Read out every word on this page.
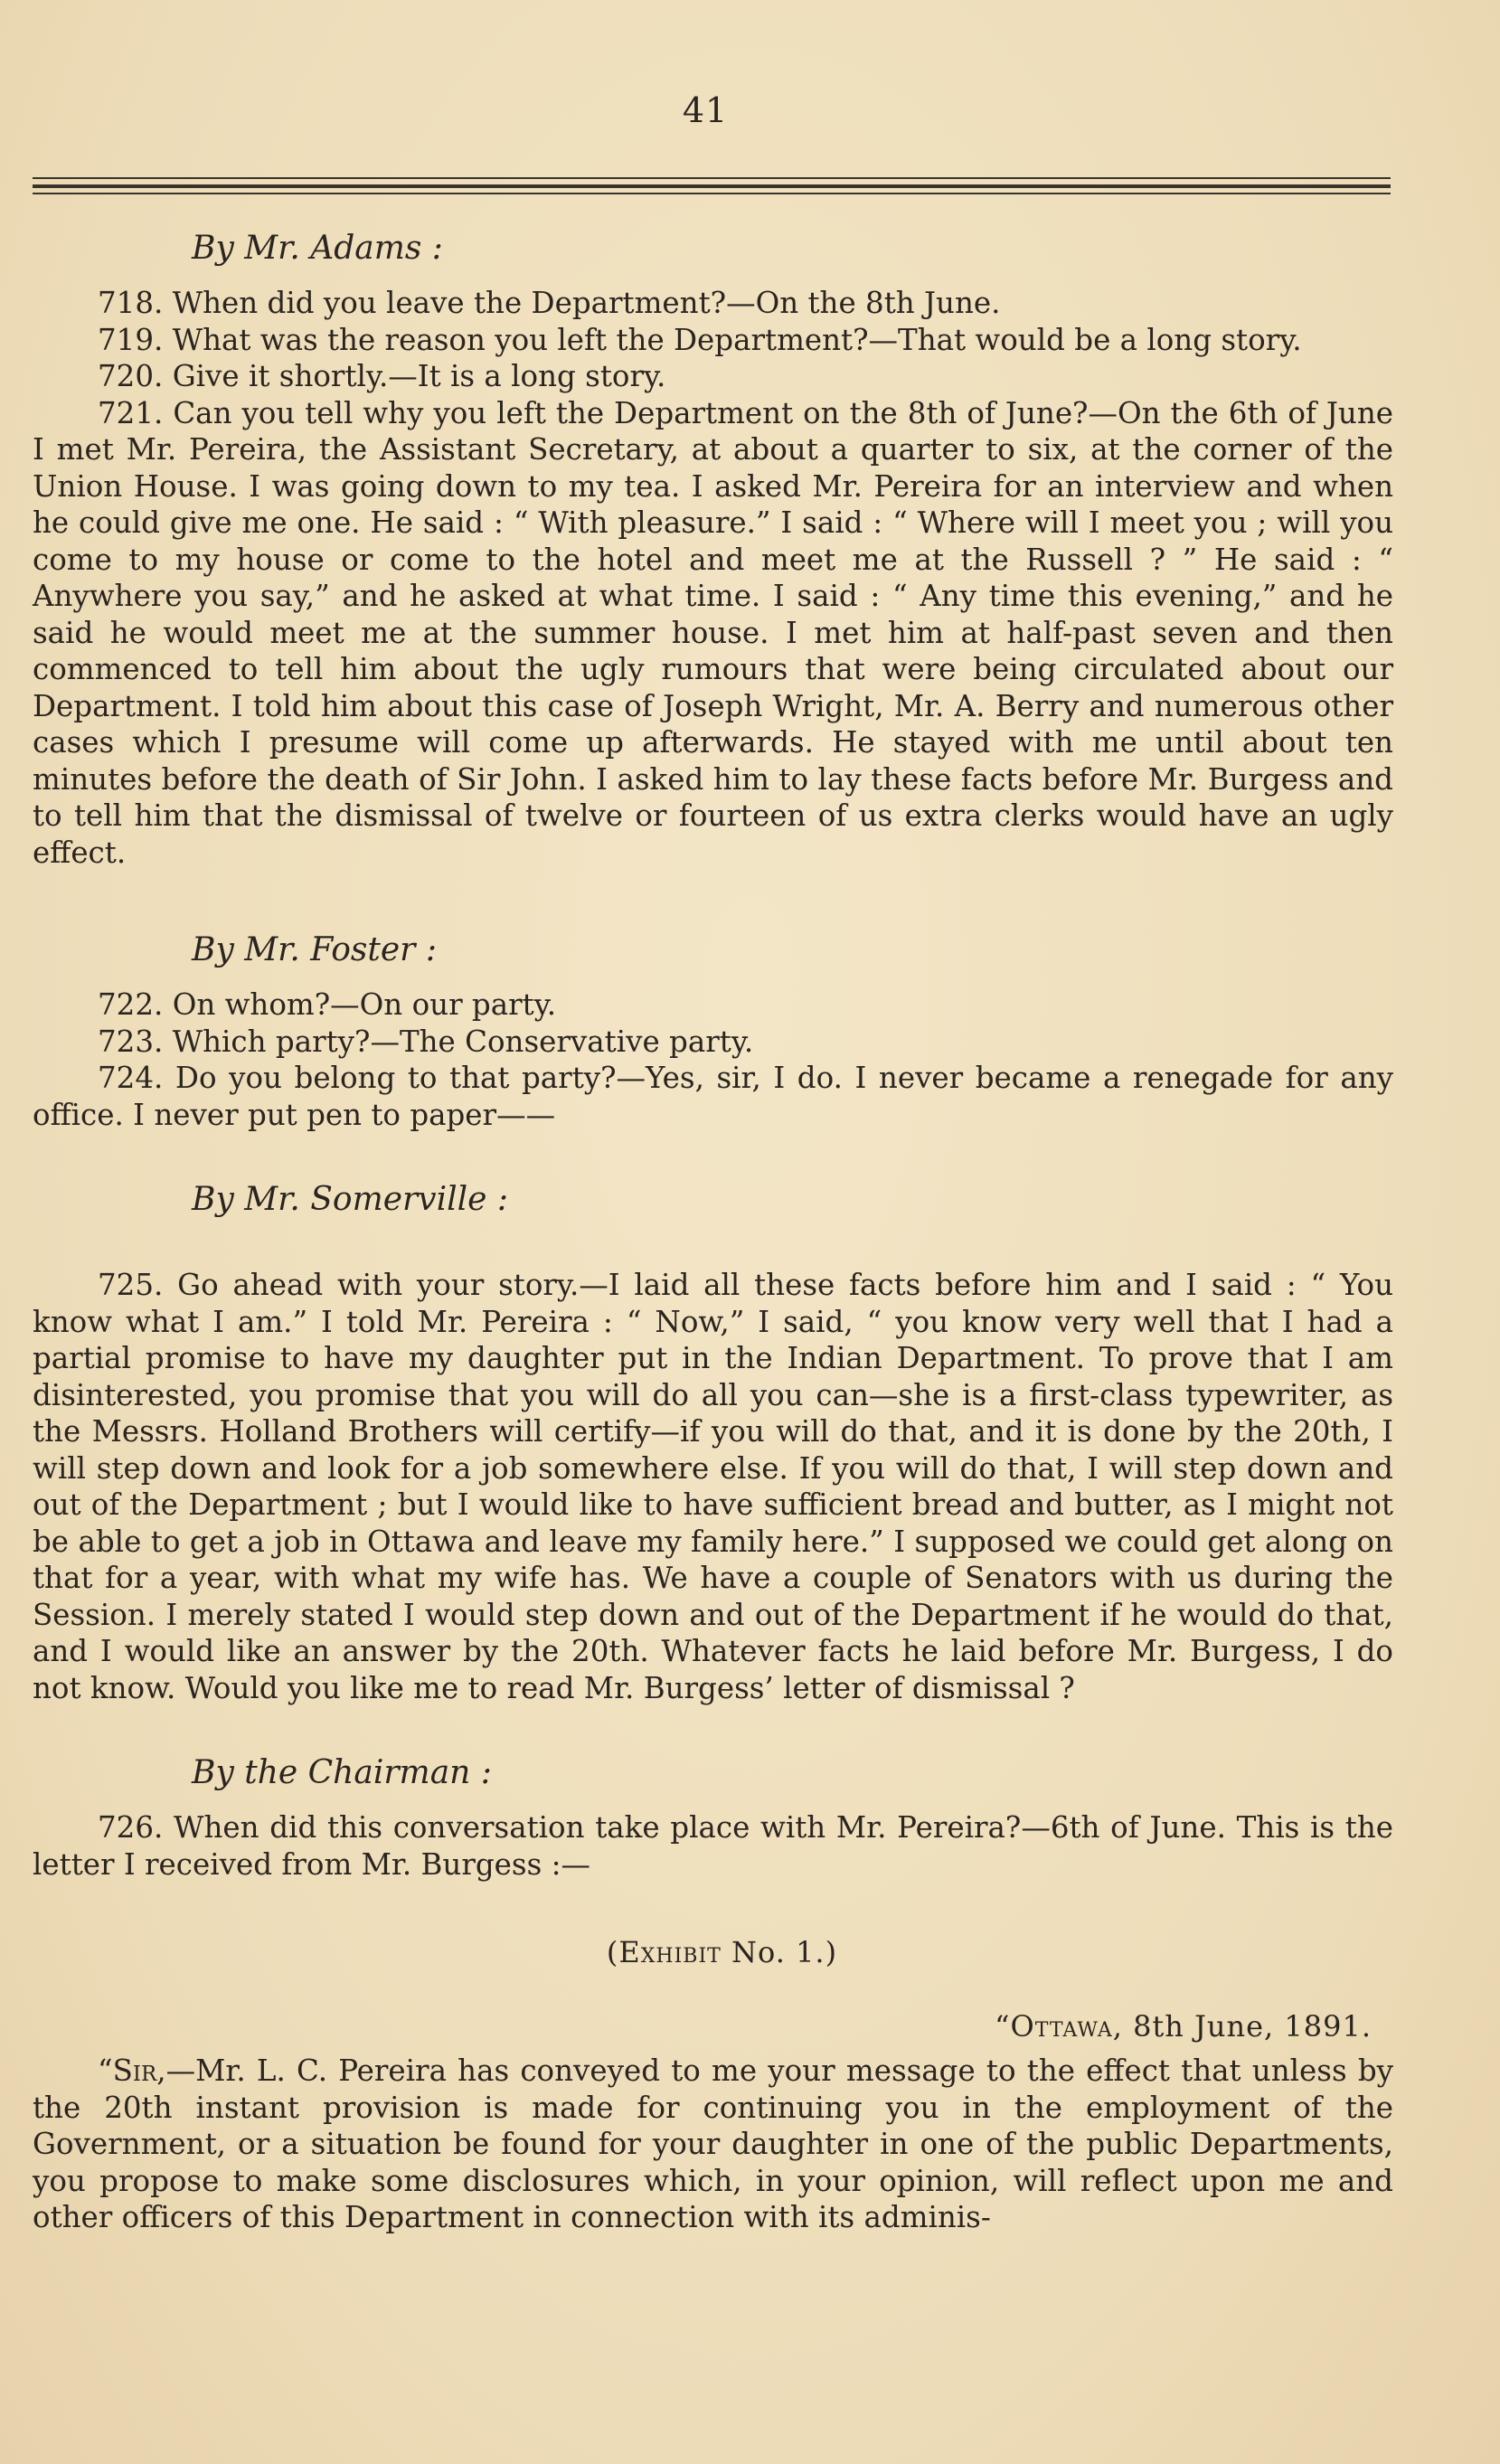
41
By Mr. Adams :

718. When did you leave the Department?—On the 8th June.

719. What was the reason you left the Department?—That would be a long story.

720. Give it shortly.—It is a long story.

721. Can you tell why you left the Department on the 8th of June?—On the 6th of June I met Mr. Pereira, the Assistant Secretary, at about a quarter to six, at the corner of the Union House. I was going down to my tea. I asked Mr. Pereira for an interview and when he could give me one. He said : “ With pleasure.” I said : “ Where will I meet you ; will you come to my house or come to the hotel and meet me at the Russell ? ” He said : “ Anywhere you say,” and he asked at what time. I said : “ Any time this evening,” and he said he would meet me at the summer house. I met him at half-past seven and then commenced to tell him about the ugly rumours that were being circulated about our Department. I told him about this case of Joseph Wright, Mr. A. Berry and numerous other cases which I presume will come up afterwards. He stayed with me until about ten minutes before the death of Sir John. I asked him to lay these facts before Mr. Burgess and to tell him that the dismissal of twelve or fourteen of us extra clerks would have an ugly effect.

By Mr. Foster :

722. On whom?—On our party.

723. Which party?—The Conservative party.

724. Do you belong to that party?—Yes, sir, I do. I never became a renegade for any office. I never put pen to paper——

By Mr. Somerville :

725. Go ahead with your story.—I laid all these facts before him and I said : “ You know what I am.” I told Mr. Pereira : “ Now,” I said, “ you know very well that I had a partial promise to have my daughter put in the Indian Department. To prove that I am disinterested, you promise that you will do all you can—she is a first-class typewriter, as the Messrs. Holland Brothers will certify—if you will do that, and it is done by the 20th, I will step down and look for a job somewhere else. If you will do that, I will step down and out of the Department ; but I would like to have sufficient bread and butter, as I might not be able to get a job in Ottawa and leave my family here.” I supposed we could get along on that for a year, with what my wife has. We have a couple of Senators with us during the Session. I merely stated I would step down and out of the Department if he would do that, and I would like an answer by the 20th. Whatever facts he laid before Mr. Burgess, I do not know. Would you like me to read Mr. Burgess’ letter of dismissal ?

By the Chairman :

726. When did this conversation take place with Mr. Pereira?—6th of June. This is the letter I received from Mr. Burgess :—

(Exhibit No. 1.)
“Ottawa, 8th June, 1891.

“Sir,—Mr. L. C. Pereira has conveyed to me your message to the effect that unless by the 20th instant provision is made for continuing you in the employment of the Government, or a situation be found for your daughter in one of the public Departments, you propose to make some disclosures which, in your opinion, will reflect upon me and other officers of this Department in connection with its adminis-
